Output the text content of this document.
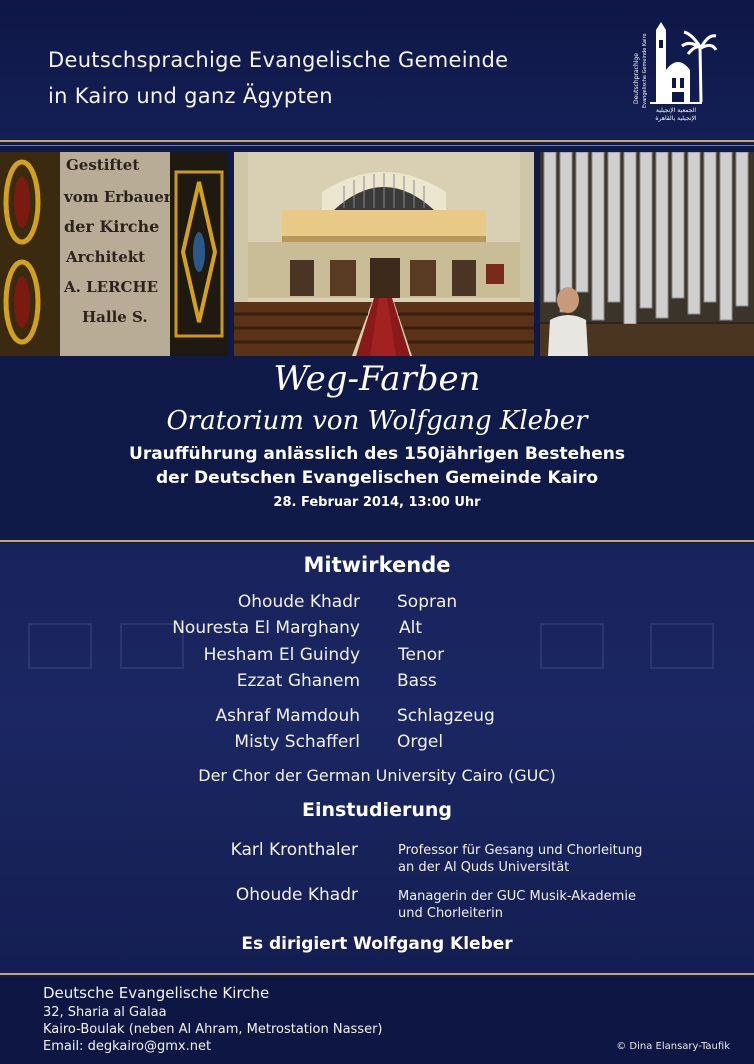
Deutschsprachige Evangelische Gemeinde
in Kairo und ganz Ägypten	Deutschprachige Evangelische Gemeinde Kairo
الجمعية الإنجيلية
الإنجيلية بالقاهرة
Gestiftet
vom Erbauer
der Kirche
Architekt
A. LERCHE
Halle S.
Weg-Farben
Oratorium von Wolfgang Kleber
Uraufführung anlässlich des 150jährigen Bestehens
der Deutschen Evangelischen Gemeinde Kairo
28. Februar 2014, 13:00 Uhr
Mitwirkende
Einstudierung
Ohoude Khadr Sopran
Nouresta El Marghany Alt
Hesham El Guindy Tenor
Ezzat Ghanem Bass
Ashraf Mamdouh Schlagzeug
Misty Schafferl Orgel
Der Chor der German University Cairo (GUC)
Karl Kronthaler	Professor für Gesang und Chorleitung
an der Al Quds Universität
Ohoude Khadr	Managerin der GUC Musik-Akademie
und Chorleiterin
Es dirigiert Wolfgang Kleber
Deutsche Evangelische Kirche
32, Sharia al Galaa
Kairo-Boulak (neben Al Ahram, Metrostation Nasser)
Email: degkairo@gmx.net	© Dina Elansary-Taufik
